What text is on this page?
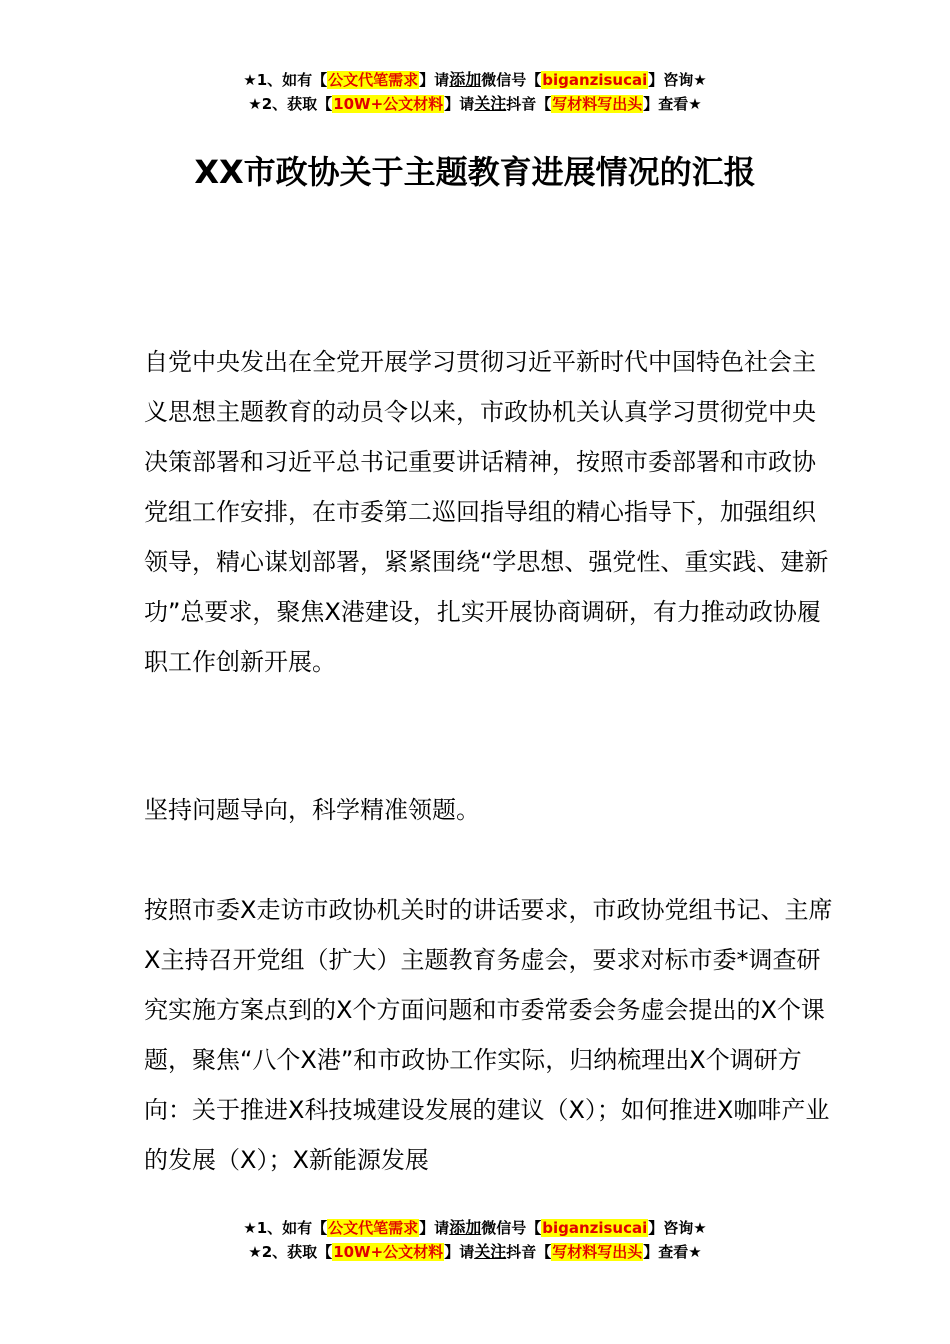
★1、如有【公文代笔需求】请添加微信号【biganzisucai】咨询★
★2、获取【10W+公文材料】请关注抖音【写材料写出头】查看★
XX市政协关于主题教育进展情况的汇报

自党中央发出在全党开展学习贯彻习近平新时代中国特色社会主义思想主题教育的动员令以来，市政协机关认真学习贯彻党中央决策部署和习近平总书记重要讲话精神，按照市委部署和市政协党组工作安排，在市委第二巡回指导组的精心指导下，加强组织领导，精心谋划部署，紧紧围绕“学思想、强党性、重实践、建新功”总要求，聚焦X港建设，扎实开展协商调研，有力推动政协履职工作创新开展。

坚持问题导向，科学精准领题。

按照市委X走访市政协机关时的讲话要求，市政协党组书记、主席X主持召开党组（扩大）主题教育务虚会，要求对标市委*调查研究实施方案点到的X个方面问题和市委常委会务虚会提出的X个课题，聚焦“八个X港”和市政协工作实际，归纳梳理出X个调研方向：关于推进X科技城建设发展的建议（X）；如何推进X咖啡产业的发展（X）；X新能源发展

★1、如有【公文代笔需求】请添加微信号【biganzisucai】咨询★
★2、获取【10W+公文材料】请关注抖音【写材料写出头】查看★
